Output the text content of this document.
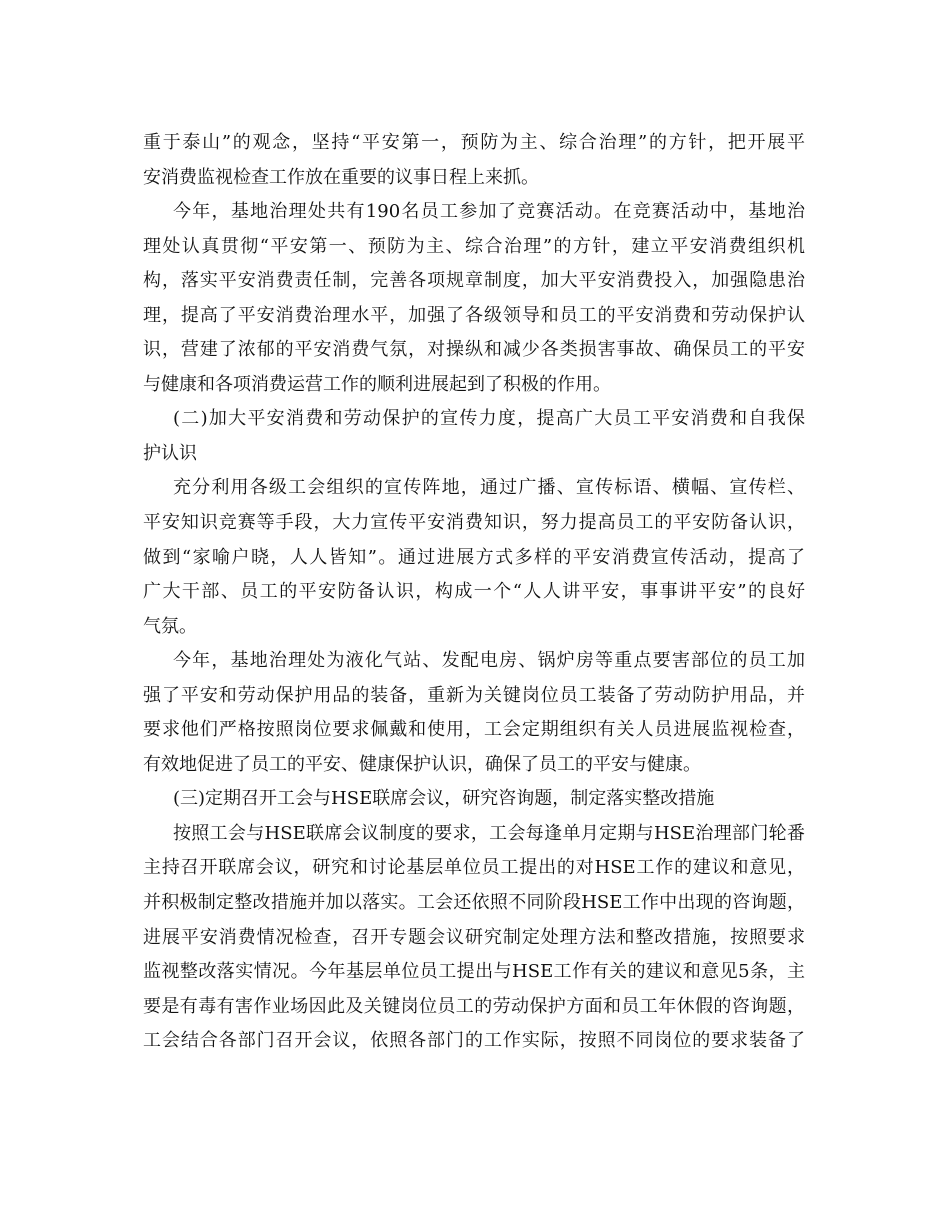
重于泰山”的观念，坚持“平安第一，预防为主、综合治理”的方针，把开展平
安消费监视检查工作放在重要的议事日程上来抓。
今年，基地治理处共有190名员工参加了竞赛活动。在竞赛活动中，基地治
理处认真贯彻“平安第一、预防为主、综合治理”的方针，建立平安消费组织机
构，落实平安消费责任制，完善各项规章制度，加大平安消费投入，加强隐患治
理，提高了平安消费治理水平，加强了各级领导和员工的平安消费和劳动保护认
识，营建了浓郁的平安消费气氛，对操纵和减少各类损害事故、确保员工的平安
与健康和各项消费运营工作的顺利进展起到了积极的作用。
(二)加大平安消费和劳动保护的宣传力度，提高广大员工平安消费和自我保
护认识
充分利用各级工会组织的宣传阵地，通过广播、宣传标语、横幅、宣传栏、
平安知识竞赛等手段，大力宣传平安消费知识，努力提高员工的平安防备认识，
做到“家喻户晓，人人皆知”。通过进展方式多样的平安消费宣传活动，提高了
广大干部、员工的平安防备认识，构成一个“人人讲平安，事事讲平安”的良好
气氛。
今年，基地治理处为液化气站、发配电房、锅炉房等重点要害部位的员工加
强了平安和劳动保护用品的装备，重新为关键岗位员工装备了劳动防护用品，并
要求他们严格按照岗位要求佩戴和使用，工会定期组织有关人员进展监视检查，
有效地促进了员工的平安、健康保护认识，确保了员工的平安与健康。
(三)定期召开工会与HSE联席会议，研究咨询题，制定落实整改措施
按照工会与HSE联席会议制度的要求，工会每逢单月定期与HSE治理部门轮番
主持召开联席会议，研究和讨论基层单位员工提出的对HSE工作的建议和意见，
并积极制定整改措施并加以落实。工会还依照不同阶段HSE工作中出现的咨询题，
进展平安消费情况检查，召开专题会议研究制定处理方法和整改措施，按照要求
监视整改落实情况。今年基层单位员工提出与HSE工作有关的建议和意见5条，主
要是有毒有害作业场因此及关键岗位员工的劳动保护方面和员工年休假的咨询题，
工会结合各部门召开会议，依照各部门的工作实际，按照不同岗位的要求装备了
